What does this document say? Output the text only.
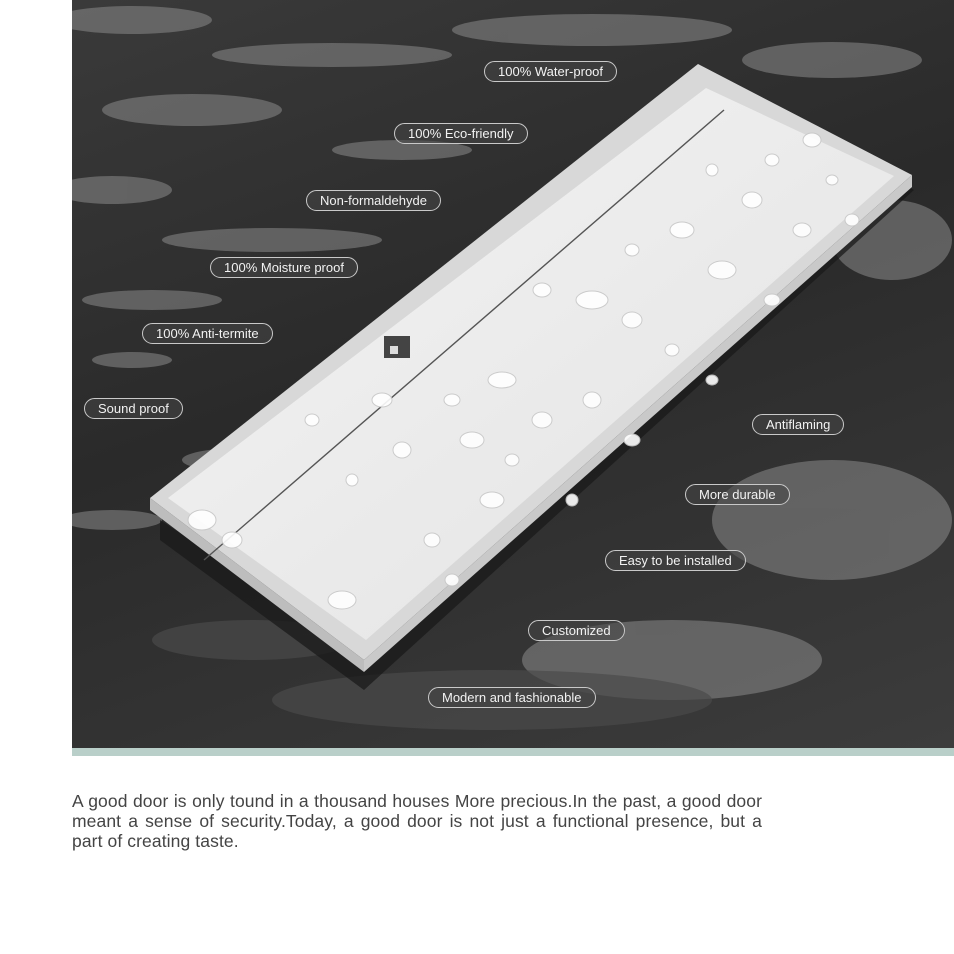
100% Water-proof
100% Eco-friendly
Non-formaldehyde
100% Moisture proof
100% Anti-termite
Sound proof
Antiflaming
More durable
Easy to be installed
Customized
Modern and fashionable

A good door is only tound in a thousand houses More precious.In the past, a good door meant a sense of security.Today, a good door is not just a functional presence, but a part of creating taste.
